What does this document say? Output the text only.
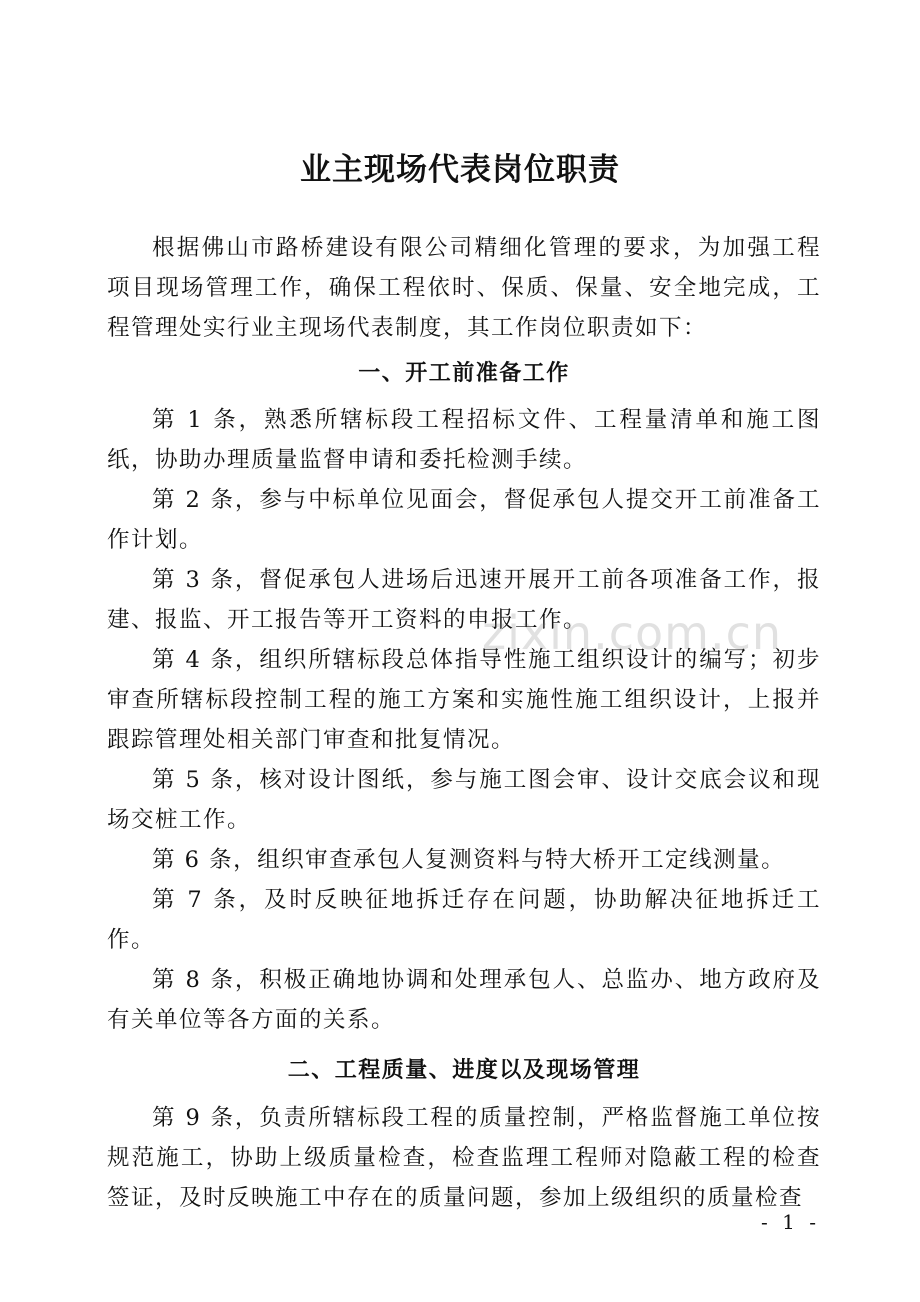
业主现场代表岗位职责

根据佛山市路桥建设有限公司精细化管理的要求，为加强工程项目现场管理工作，确保工程依时、保质、保量、安全地完成，工程管理处实行业主现场代表制度，其工作岗位职责如下：

一、开工前准备工作

第 1 条，熟悉所辖标段工程招标文件、工程量清单和施工图纸，协助办理质量监督申请和委托检测手续。

第 2 条，参与中标单位见面会，督促承包人提交开工前准备工作计划。

第 3 条，督促承包人进场后迅速开展开工前各项准备工作，报建、报监、开工报告等开工资料的申报工作。

第 4 条，组织所辖标段总体指导性施工组织设计的编写；初步审查所辖标段控制工程的施工方案和实施性施工组织设计，上报并跟踪管理处相关部门审查和批复情况。

第 5 条，核对设计图纸，参与施工图会审、设计交底会议和现场交桩工作。

第 6 条，组织审查承包人复测资料与特大桥开工定线测量。

第 7 条，及时反映征地拆迁存在问题，协助解决征地拆迁工作。

第 8 条，积极正确地协调和处理承包人、总监办、地方政府及有关单位等各方面的关系。

二、工程质量、进度以及现场管理

第 9 条，负责所辖标段工程的质量控制，严格监督施工单位按规范施工，协助上级质量检查，检查监理工程师对隐蔽工程的检查签证，及时反映施工中存在的质量问题，参加上级组织的质量检查

zixin.com.cn
- 1 -
